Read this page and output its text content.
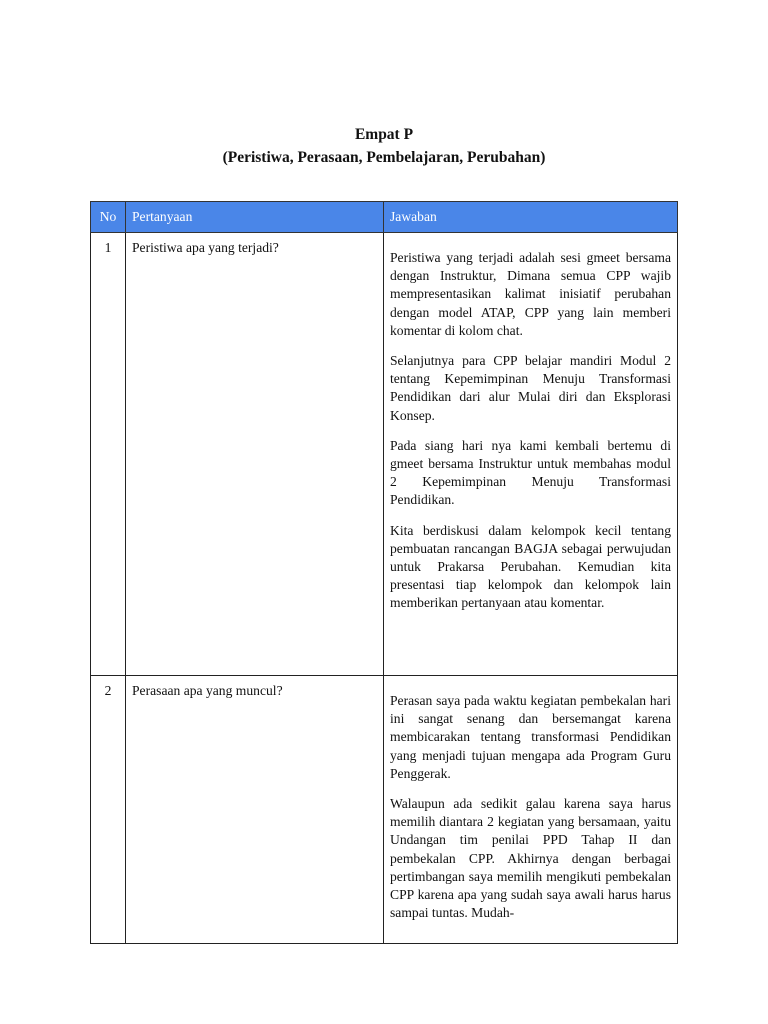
Empat P
(Peristiwa, Perasaan, Pembelajaran, Perubahan)
No	Pertanyaan	Jawaban
1	Peristiwa apa yang terjadi?	Peristiwa yang terjadi adalah sesi gmeet bersama dengan Instruktur, Dimana semua CPP wajib mempresentasikan kalimat inisiatif perubahan dengan model ATAP, CPP yang lain memberi komentar di kolom chat.

Selanjutnya para CPP belajar mandiri Modul 2 tentang Kepemimpinan Menuju Transformasi Pendidikan dari alur Mulai diri dan Eksplorasi Konsep.

Pada siang hari nya kami kembali bertemu di gmeet bersama Instruktur untuk membahas modul 2 Kepemimpinan Menuju Transformasi Pendidikan.

Kita berdiskusi dalam kelompok kecil tentang pembuatan rancangan BAGJA sebagai perwujudan untuk Prakarsa Perubahan. Kemudian kita presentasi tiap kelompok dan kelompok lain memberikan pertanyaan atau komentar.

2	Perasaan apa yang muncul?	Perasan saya pada waktu kegiatan pembekalan hari ini sangat senang dan bersemangat karena membicarakan tentang transformasi Pendidikan yang menjadi tujuan mengapa ada Program Guru Penggerak.

Walaupun ada sedikit galau karena saya harus memilih diantara 2 kegiatan yang bersamaan, yaitu Undangan tim penilai PPD Tahap II dan pembekalan CPP. Akhirnya dengan berbagai pertimbangan saya memilih mengikuti pembekalan CPP karena apa yang sudah saya awali harus harus sampai tuntas. Mudah-
